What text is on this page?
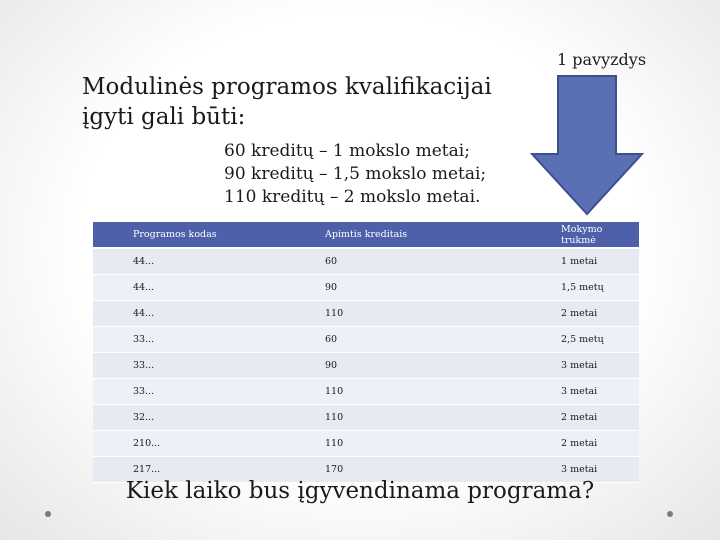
1 pavyzdys
Modulinės programos kvalifikacijai
įgyti gali būti:
60 kreditų – 1 mokslo metai;
90 kreditų – 1,5 mokslo metai;
110 kreditų – 2 mokslo metai.
Programos kodas	Apimtis kreditais	Mokymo trukmė
44...	60	1 metai
44...	90	1,5 metų
44...	110	2 metai
33...	60	2,5 metų
33...	90	3 metai
33...	110	3 metai
32...	110	2 metai
210...	110	2 metai
217...	170	3 metai
Kiek laiko bus įgyvendinama programa?
